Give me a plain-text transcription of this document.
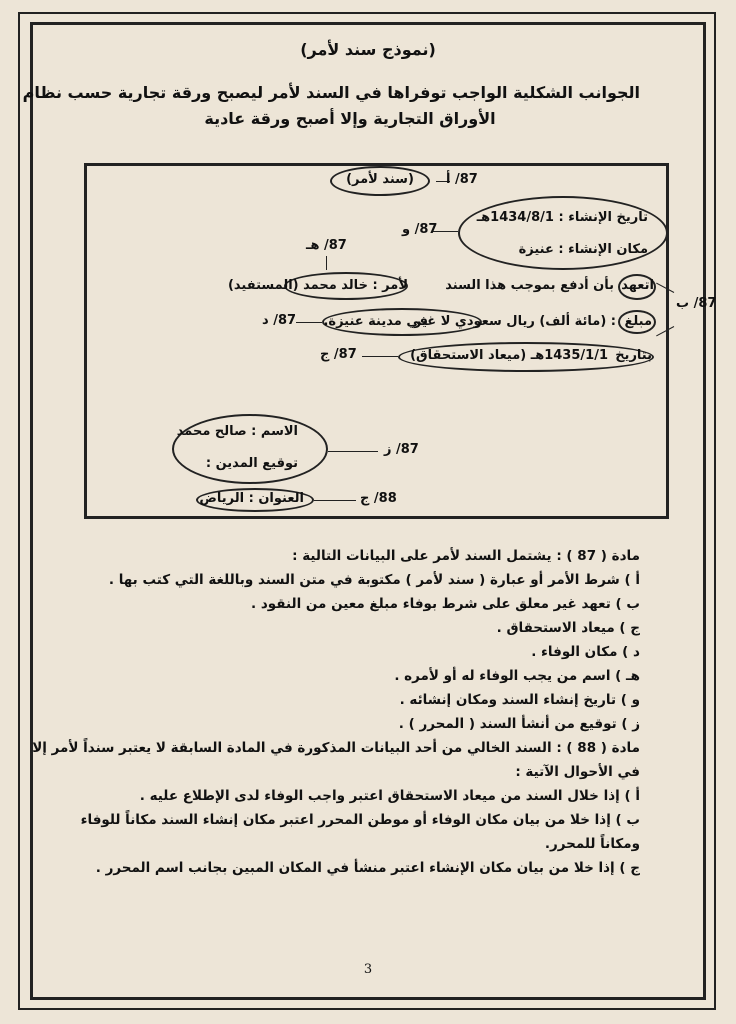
(نموذج سند لأمر)
الجوانب الشكلية الواجب توفراها في السند لأمر ليصبح ورقة تجارية حسب نظام
الأوراق التجارية وإلا أصبح ورقة عادية
(سند لأمر)	87/ أ
تاريخ الإنشاء : 1434/8/1هـ
مكان الإنشاء : عنيزة
87/ و
87/ هـ
اتعهد
بأن أدفع بموجب هذا السند
لأمر : خالد محمد (المستفيد)
87/ ب
مبلغ
: (مائة ألف) ريال سعودي لا غير
في مدينة عنيزة.
87/ د
بتاريخ
1435/1/1هـ (ميعاد الاستحقاق)
87/ ج
الاسم : صالح محمد
توقيع المدين :
87/ ز
العنوان : الرياض	88/ ج
مادة ( 87 ) : يشتمل السند لأمر على البيانات التالية :
أ ) شرط الأمر أو عبارة ( سند لأمر ) مكتوبة في متن السند وباللغة التي كتب بها .
ب ) تعهد غير معلق على شرط بوفاء مبلغ معين من النقود .
ج ) ميعاد الاستحقاق .
د ) مكان الوفاء .
هـ ) اسم من يجب الوفاء له أو لأمره .
و ) تاريخ إنشاء السند ومكان إنشائه .
ز ) توقيع من أنشأ السند ( المحرر ) .
مادة ( 88 ) : السند الخالي من أحد البيانات المذكورة في المادة السابقة لا يعتبر سنداً لأمر إلا
في الأحوال الآتية :
أ ) إذا خلال السند من ميعاد الاستحقاق اعتبر واجب الوفاء لدى الإطلاع عليه .
ب ) إذا خلا من بيان مكان الوفاء أو موطن المحرر اعتبر مكان إنشاء السند مكاناً للوفاء
ومكاناً للمحرر.
ج ) إذا خلا من بيان مكان الإنشاء اعتبر منشأ في المكان المبين بجانب اسم المحرر .
3
